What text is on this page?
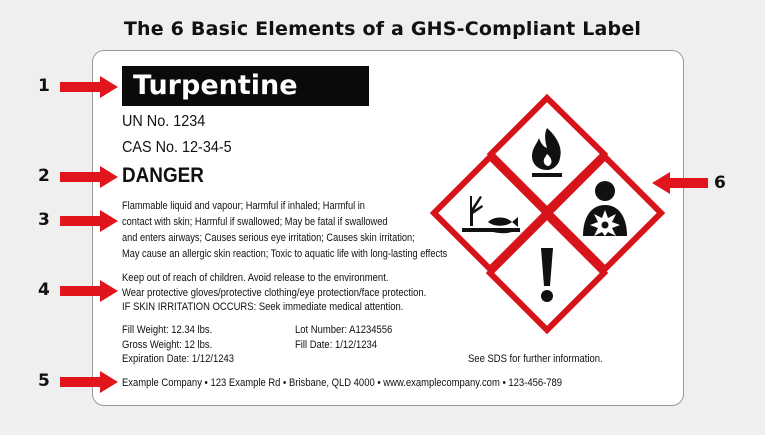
The 6 Basic Elements of a GHS-Compliant Label
Turpentine
UN No. 1234
CAS No. 12-34-5
DANGER
Flammable liquid and vapour; Harmful if inhaled; Harmful in
contact with skin; Harmful if swallowed; May be fatal if swallowed
and enters airways; Causes serious eye irritation; Causes skin irritation;
May cause an allergic skin reaction; Toxic to aquatic life with long-lasting effects
Keep out of reach of children. Avoid release to the environment.
Wear protective gloves/protective clothing/eye protection/face protection.
IF SKIN IRRITATION OCCURS: Seek immediate medical attention.
Fill Weight: 12.34 lbs.
Gross Weight: 12 lbs.
Expiration Date: 1/12/1243
Lot Number: A1234556
Fill Date: 1/12/1234
See SDS for further information.
Example Company • 123 Example Rd • Brisbane, QLD 4000 • www.examplecompany.com • 123-456-789
1
2
3
4
5
6
